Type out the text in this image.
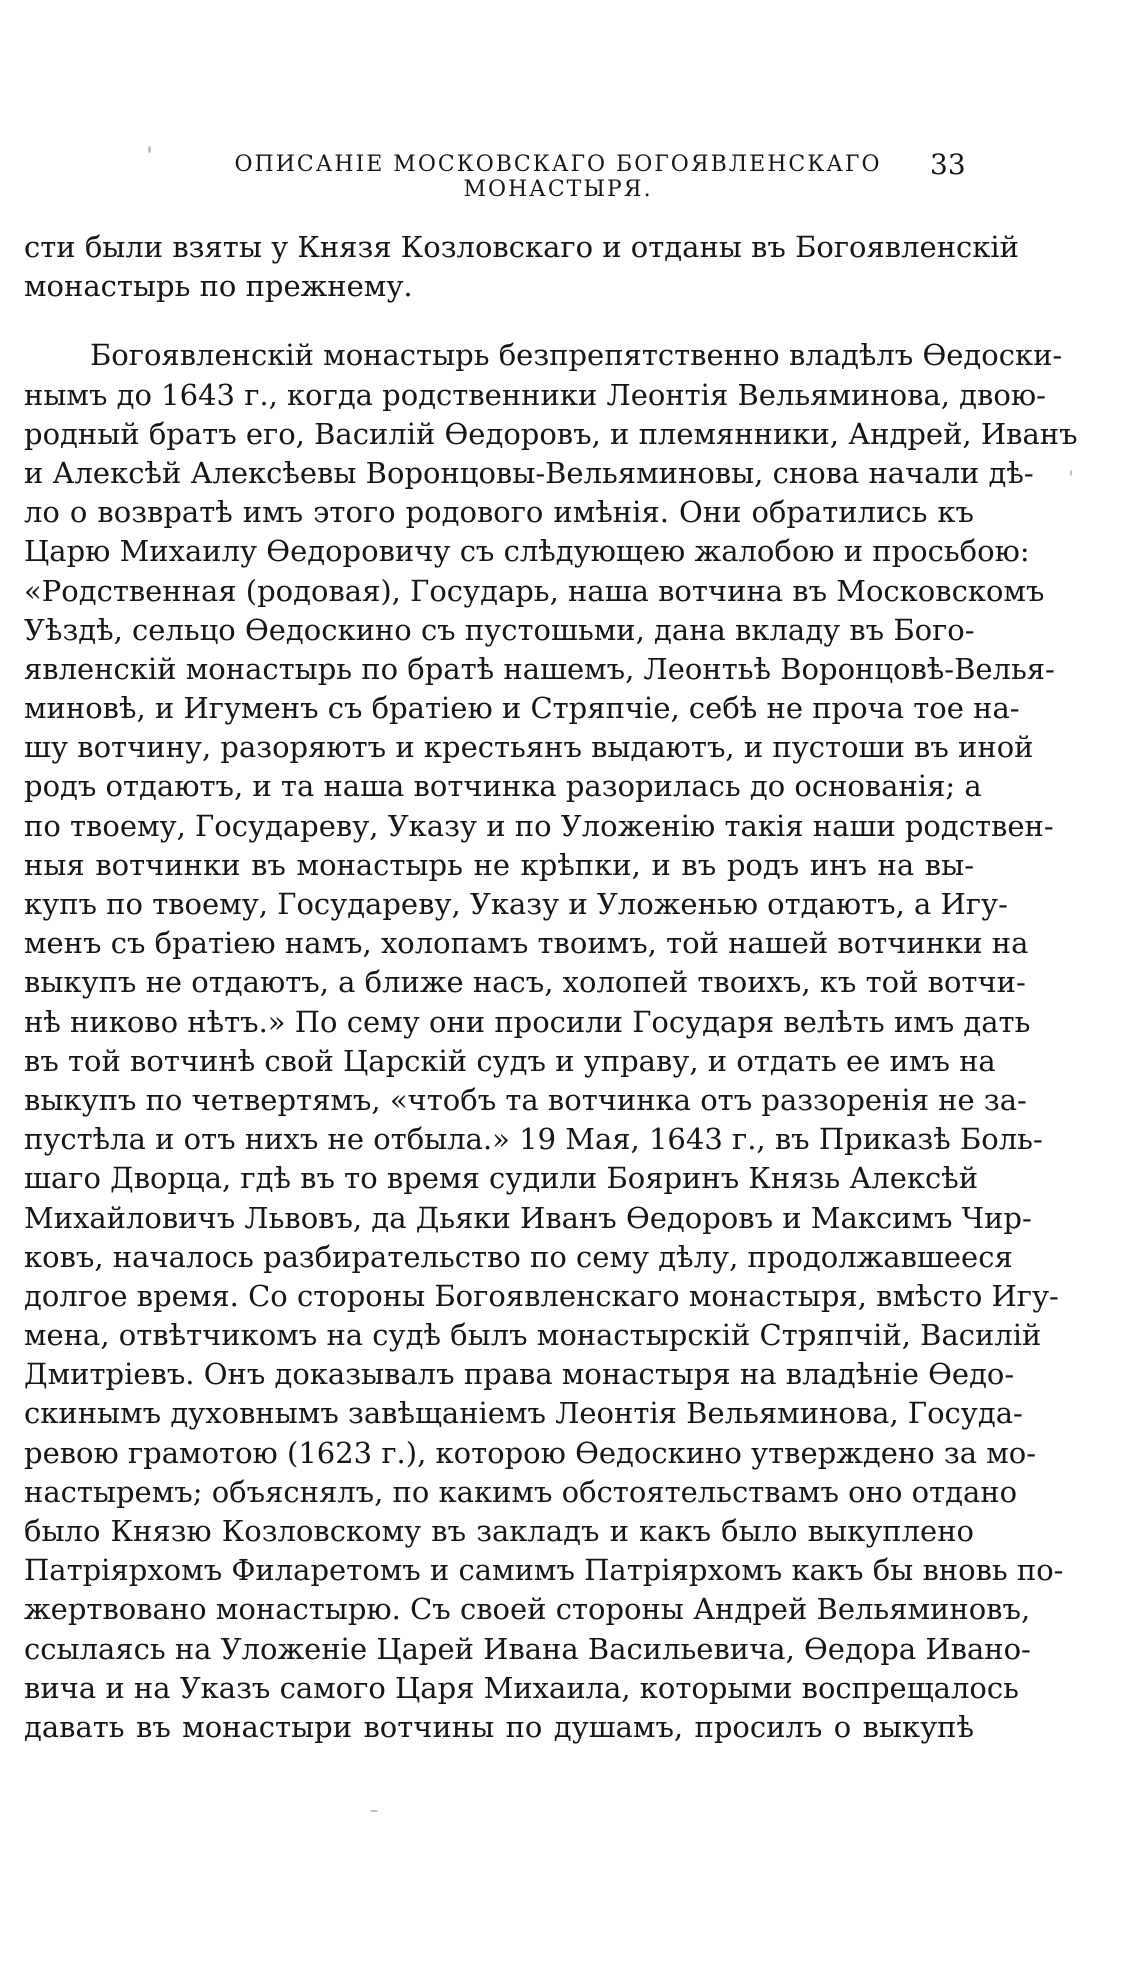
ОПИСАНІЕ МОСКОВСКАГО БОГОЯВЛЕНСКАГО МОНАСТЫРЯ.
33
сти были взяты у Князя Козловскаго и отданы въ Богоявленскій
монастырь по прежнему.
Богоявленскій монастырь безпрепятственно владѣлъ Ѳедоски-
нымъ до 1643 г., когда родственники Леонтія Вельяминова, двою-
родный братъ его, Василій Ѳедоровъ, и племянники, Андрей, Иванъ
и Алексѣй Алексѣевы Воронцовы-Вельяминовы, снова начали дѣ-
ло о возвратѣ имъ этого родового имѣнія. Они обратились къ
Царю Михаилу Ѳедоровичу съ слѣдующею жалобою и просьбою:
«Родственная (родовая), Государь, наша вотчина въ Московскомъ
Уѣздѣ, сельцо Ѳедоскино съ пустошьми, дана вкладу въ Бого-
явленскій монастырь по братѣ нашемъ, Леонтьѣ Воронцовѣ-Велья-
миновѣ, и Игуменъ съ братіею и Стряпчіе, себѣ не проча тое на-
шу вотчину, разоряютъ и крестьянъ выдаютъ, и пустоши въ иной
родъ отдаютъ, и та наша вотчинка разорилась до основанія; а
по твоему, Государеву, Указу и по Уложенію такія наши родствен-
ныя вотчинки въ монастырь не крѣпки, и въ родъ инъ на вы-
купъ по твоему, Государеву, Указу и Уложенью отдаютъ, а Игу-
менъ съ братіею намъ, холопамъ твоимъ, той нашей вотчинки на
выкупъ не отдаютъ, а ближе насъ, холопей твоихъ, къ той вотчи-
нѣ никово нѣтъ.» По сему они просили Государя велѣть имъ дать
въ той вотчинѣ свой Царскій судъ и управу, и отдать ее имъ на
выкупъ по четвертямъ, «чтобъ та вотчинка отъ раззоренія не за-
пустѣла и отъ нихъ не отбыла.» 19 Мая, 1643 г., въ Приказѣ Боль-
шаго Дворца, гдѣ въ то время судили Бояринъ Князь Алексѣй
Михайловичъ Львовъ, да Дьяки Иванъ Ѳедоровъ и Максимъ Чир-
ковъ, началось разбирательство по сему дѣлу, продолжавшееся
долгое время. Со стороны Богоявленскаго монастыря, вмѣсто Игу-
мена, отвѣтчикомъ на судѣ былъ монастырскій Стряпчій, Василій
Дмитріевъ. Онъ доказывалъ права монастыря на владѣніе Ѳедо-
скинымъ духовнымъ завѣщаніемъ Леонтія Вельяминова, Госуда-
ревою грамотою (1623 г.), которою Ѳедоскино утверждено за мо-
настыремъ; объяснялъ, по какимъ обстоятельствамъ оно отдано
было Князю Козловскому въ закладъ и какъ было выкуплено
Патріярхомъ Филаретомъ и самимъ Патріярхомъ какъ бы вновь по-
жертвовано монастырю. Съ своей стороны Андрей Вельяминовъ,
ссылаясь на Уложеніе Царей Ивана Васильевича, Ѳедора Ивано-
вича и на Указъ самого Царя Михаила, которыми воспрещалось
давать въ монастыри вотчины по душамъ, просилъ о выкупѣ
